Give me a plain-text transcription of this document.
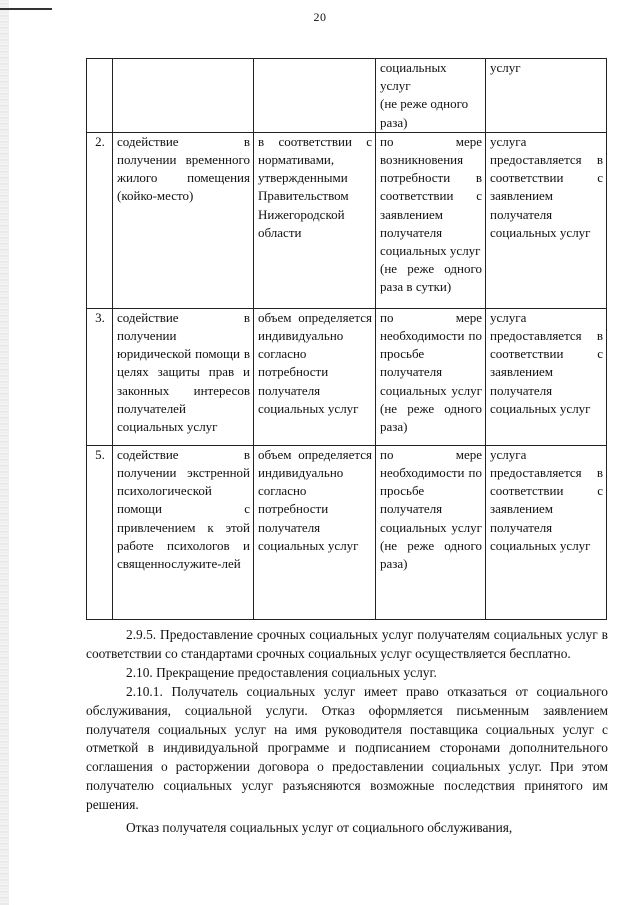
20
			социальных
услуг
(не реже одного
раза)	услуг
2.	содействие в получении временного жилого помещения (койко-место)	в соответствии с нормативами, утвержденными Правительством Нижегородской области	по мере возникновения потребности в соответствии с заявлением получателя социальных услуг
(не реже одного раза в сутки)	услуга предоставляется в соответствии с заявлением получателя социальных услуг
3.	содействие в получении юридической помощи в целях защиты прав и законных интересов получателей социальных услуг	объем определяется индивидуально согласно потребности получателя социальных услуг	по мере необходимости по просьбе получателя социальных услуг (не реже одного раза)	услуга предоставляется в соответствии с заявлением получателя социальных услуг
5.	содействие в получении экстренной психологической помощи с привлечением к этой работе психологов и священнослужите-лей	объем определяется индивидуально согласно потребности получателя социальных услуг	по мере необходимости по просьбе получателя социальных услуг (не реже одного раза)	услуга предоставляется в соответствии с заявлением получателя социальных услуг

2.9.5. Предоставление срочных социальных услуг получателям социальных услуг в соответствии со стандартами срочных социальных услуг осуществляется бесплатно.

2.10. Прекращение предоставления социальных услуг.

2.10.1. Получатель социальных услуг имеет право отказаться от социального обслуживания, социальной услуги. Отказ оформляется письменным заявлением получателя социальных услуг на имя руководителя поставщика социальных услуг с отметкой в индивидуальной программе и подписанием сторонами дополнительного соглашения о расторжении договора о предоставлении социальных услуг. При этом получателю социальных услуг разъясняются возможные последствия принятого им решения.

Отказ получателя социальных услуг от социального обслуживания,
